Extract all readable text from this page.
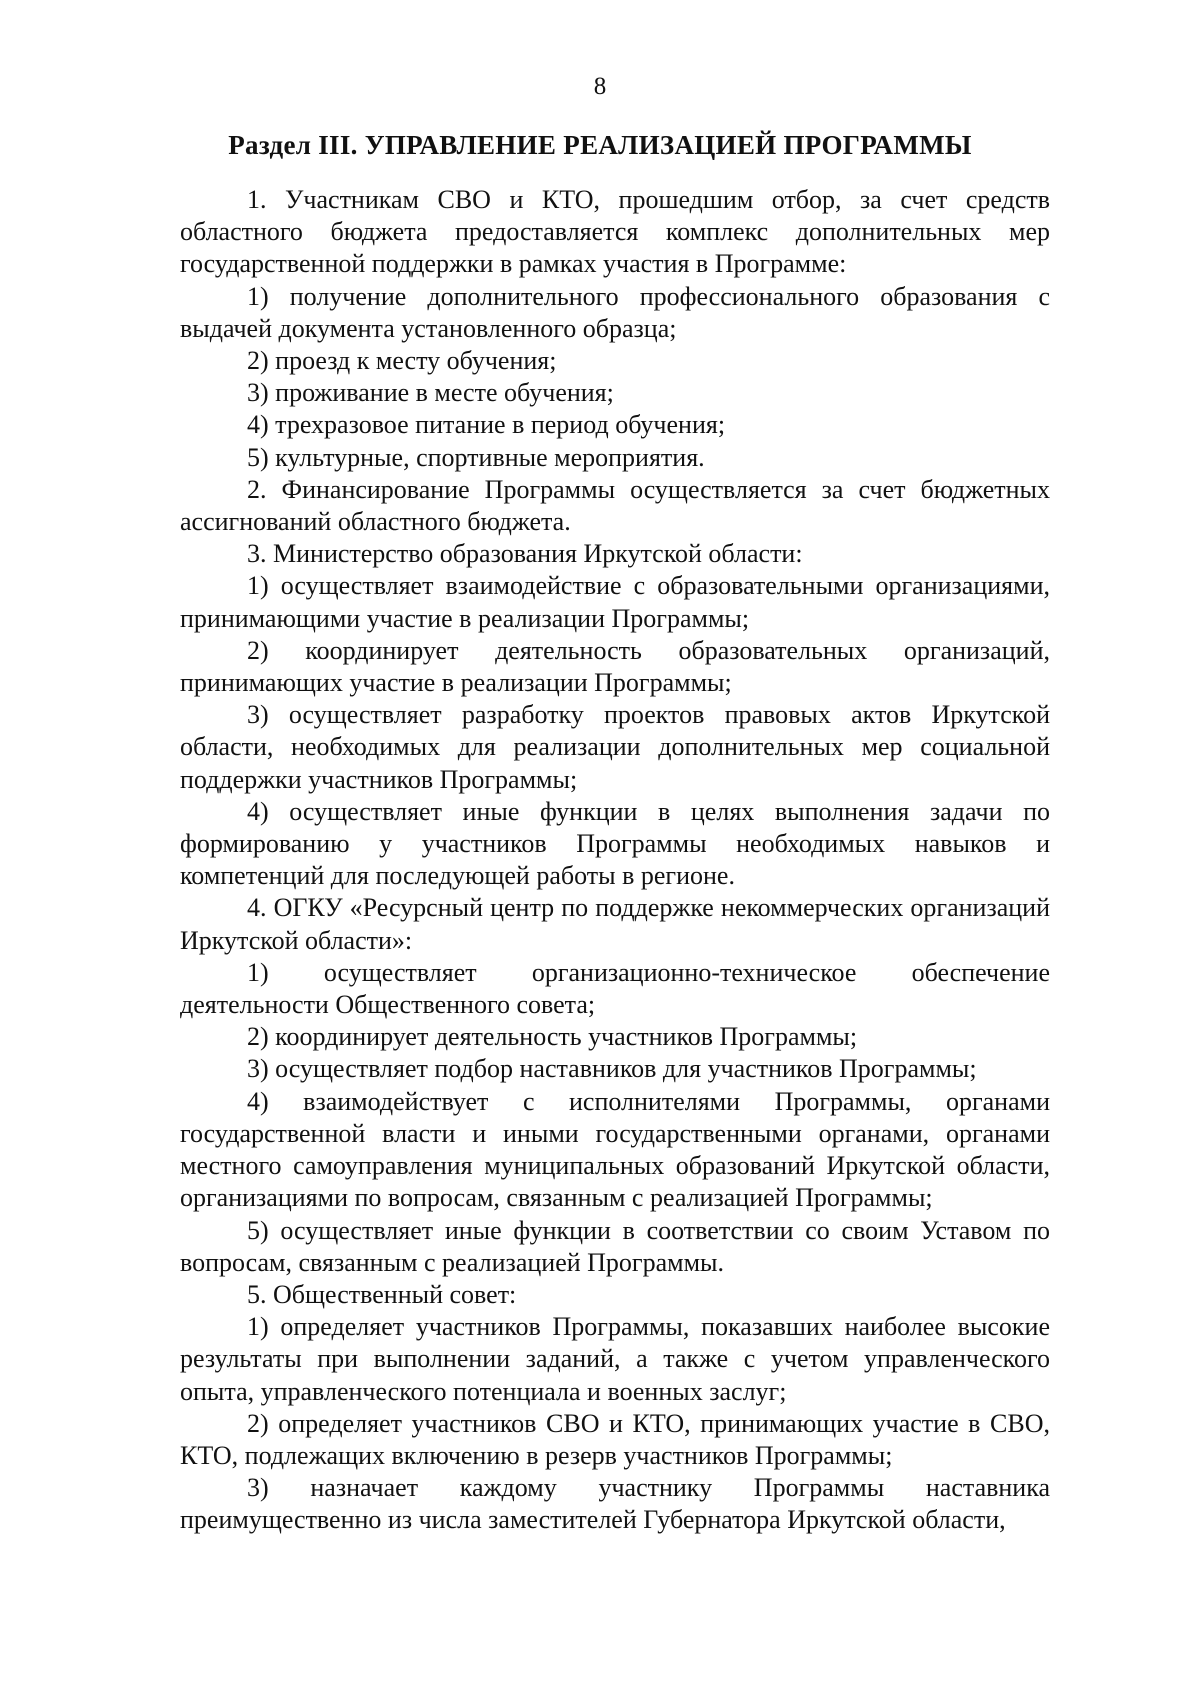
8
Раздел III. УПРАВЛЕНИЕ РЕАЛИЗАЦИЕЙ ПРОГРАММЫ

1. Участникам СВО и КТО, прошедшим отбор, за счет средств областного бюджета предоставляется комплекс дополнительных мер государственной поддержки в рамках участия в Программе:

1) получение дополнительного профессионального образования с выдачей документа установленного образца;

2) проезд к месту обучения;

3) проживание в месте обучения;

4) трехразовое питание в период обучения;

5) культурные, спортивные мероприятия.

2. Финансирование Программы осуществляется за счет бюджетных ассигнований областного бюджета.

3. Министерство образования Иркутской области:

1) осуществляет взаимодействие с образовательными организациями, принимающими участие в реализации Программы;

2) координирует деятельность образовательных организаций, принимающих участие в реализации Программы;

3) осуществляет разработку проектов правовых актов Иркутской области, необходимых для реализации дополнительных мер социальной поддержки участников Программы;

4) осуществляет иные функции в целях выполнения задачи по формированию у участников Программы необходимых навыков и компетенций для последующей работы в регионе.

4. ОГКУ «Ресурсный центр по поддержке некоммерческих организаций Иркутской области»:

1) осуществляет организационно-техническое обеспечение деятельности Общественного совета;

2) координирует деятельность участников Программы;

3) осуществляет подбор наставников для участников Программы;

4) взаимодействует с исполнителями Программы, органами государственной власти и иными государственными органами, органами местного самоуправления муниципальных образований Иркутской области, организациями по вопросам, связанным с реализацией Программы;

5) осуществляет иные функции в соответствии со своим Уставом по вопросам, связанным с реализацией Программы.

5. Общественный совет:

1) определяет участников Программы, показавших наиболее высокие результаты при выполнении заданий, а также с учетом управленческого опыта, управленческого потенциала и военных заслуг;

2) определяет участников СВО и КТО, принимающих участие в СВО, КТО, подлежащих включению в резерв участников Программы;

3) назначает каждому участнику Программы наставника преимущественно из числа заместителей Губернатора Иркутской области,
